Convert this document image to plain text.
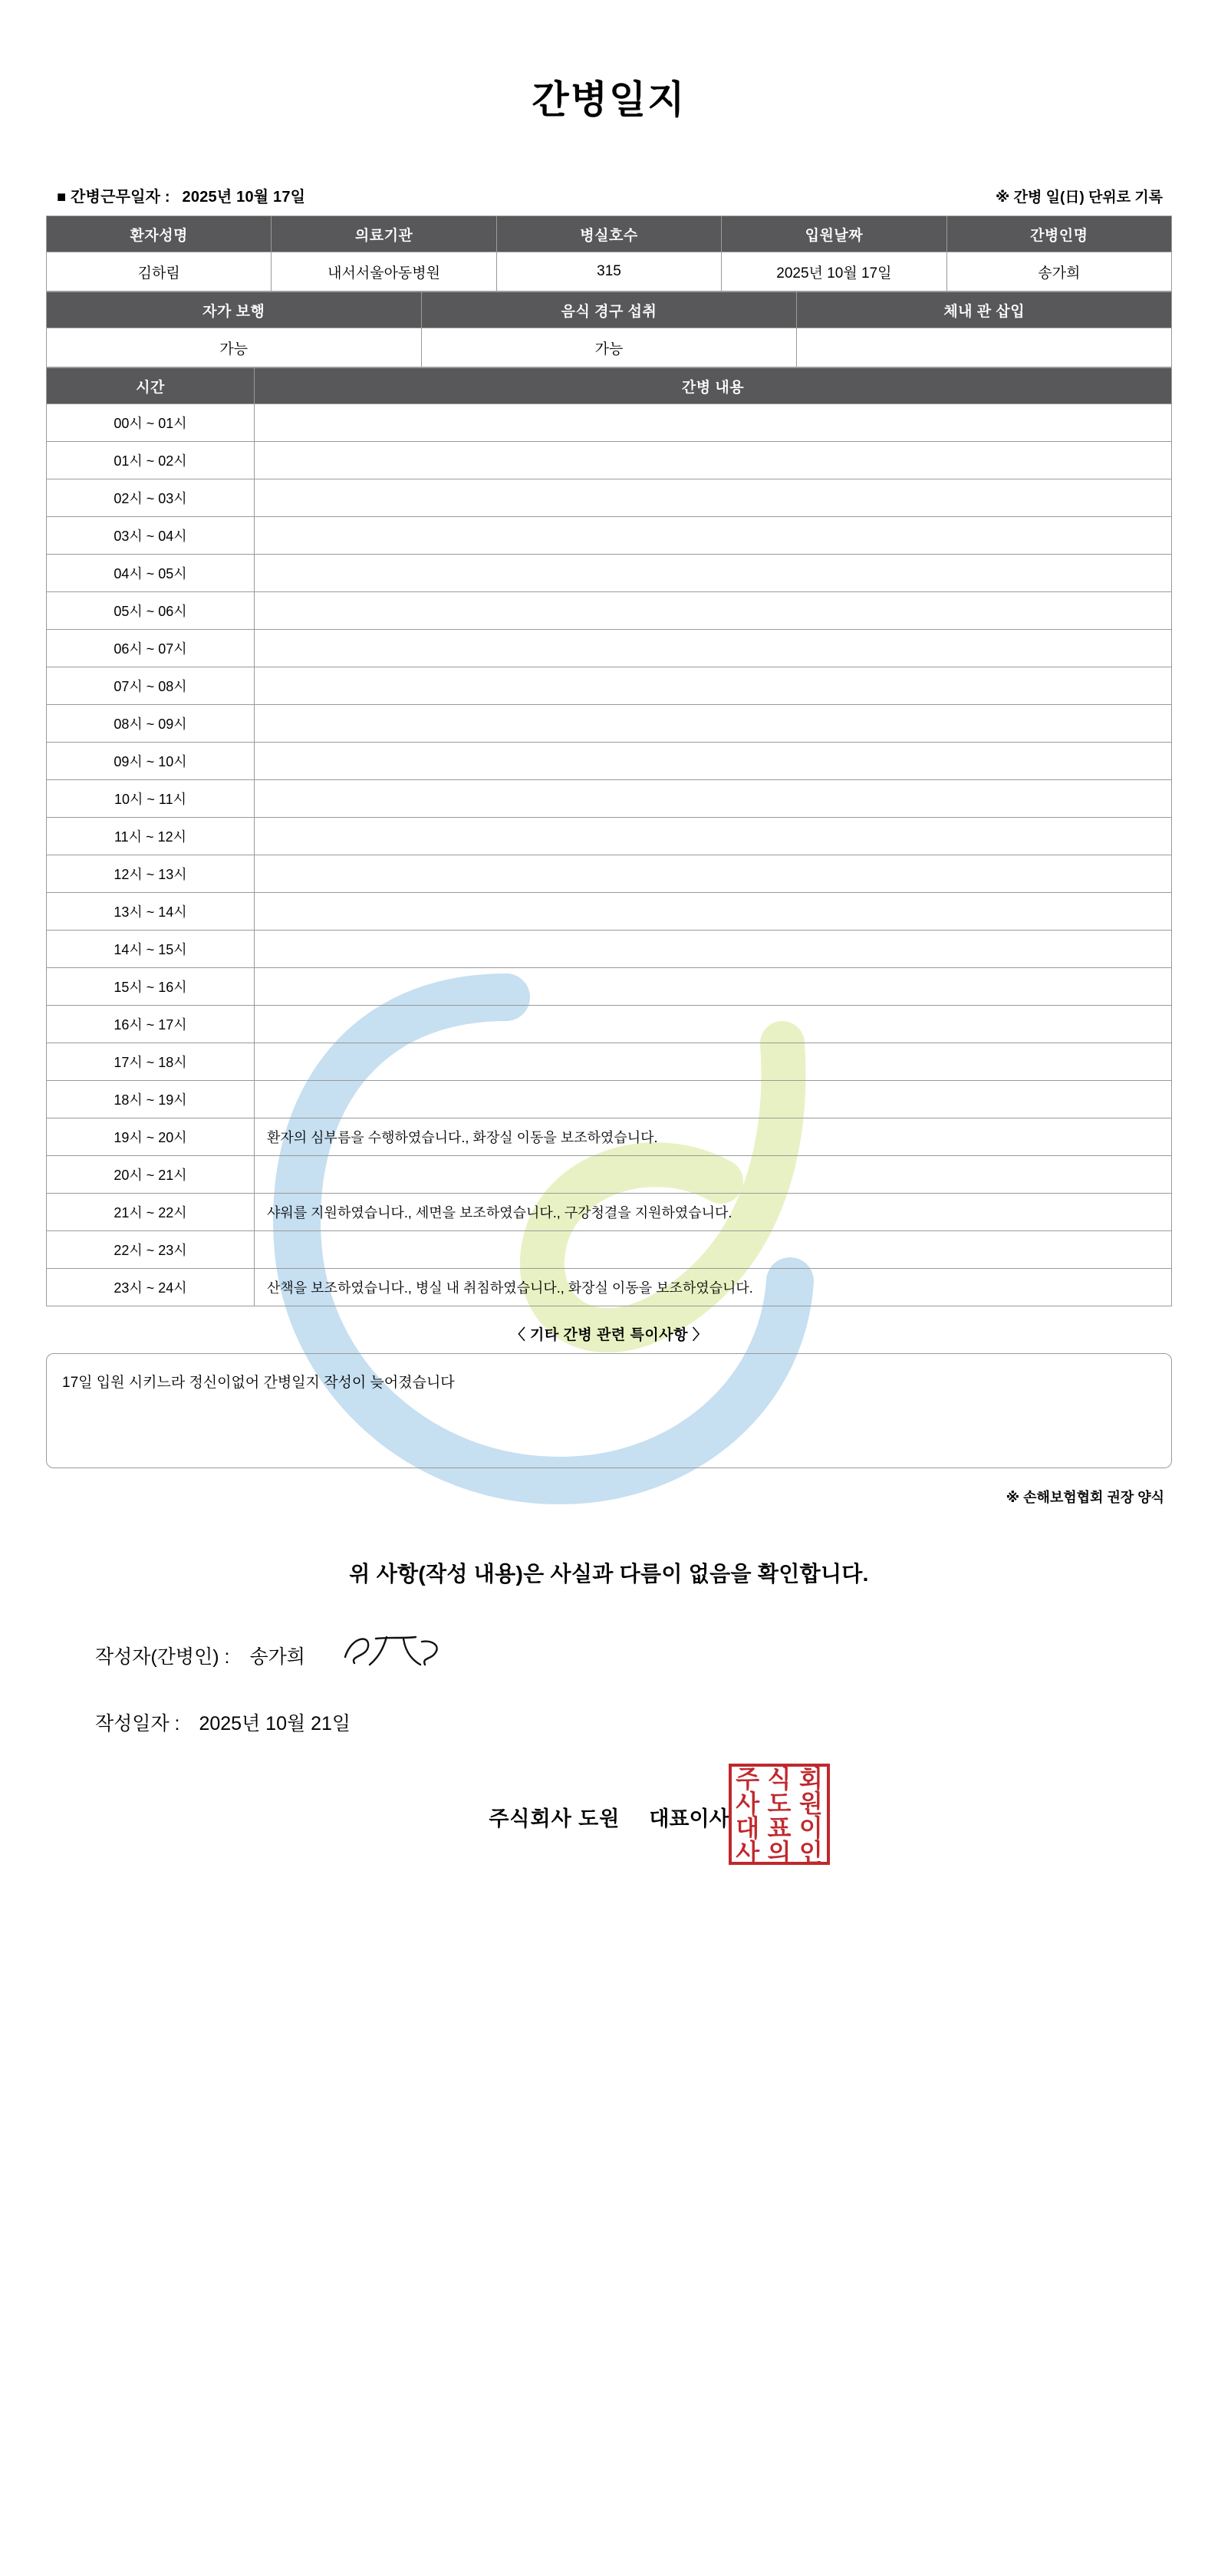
간병일지
■ 간병근무일자 : 2025년 10월 17일	※ 간병 일(日) 단위로 기록
환자성명	의료기관	병실호수	입원날짜	간병인명
김하림	내서서울아동병원	315	2025년 10월 17일	송가희
자가 보행	음식 경구 섭취	체내 관 삽입
가능	가능	
시간	간병 내용
00시 ~ 01시	
01시 ~ 02시	
02시 ~ 03시	
03시 ~ 04시	
04시 ~ 05시	
05시 ~ 06시	
06시 ~ 07시	
07시 ~ 08시	
08시 ~ 09시	
09시 ~ 10시	
10시 ~ 11시	
11시 ~ 12시	
12시 ~ 13시	
13시 ~ 14시	
14시 ~ 15시	
15시 ~ 16시	
16시 ~ 17시	
17시 ~ 18시	
18시 ~ 19시	
19시 ~ 20시	환자의 심부름을 수행하였습니다., 화장실 이동을 보조하였습니다.
20시 ~ 21시	
21시 ~ 22시	샤워를 지원하였습니다., 세면을 보조하였습니다., 구강청결을 지원하였습니다.
22시 ~ 23시	
23시 ~ 24시	산책을 보조하였습니다., 병실 내 취침하였습니다., 화장실 이동을 보조하였습니다.
〈 기타 간병 관련 특이사항 〉
17일 입원 시키느라 정신이없어 간병일지 작성이 늦어졌습니다
※ 손해보험협회 권장 양식
위 사항(작성 내용)은 사실과 다름이 없음을 확인합니다.
작성자(간병인) : 송가희
작성일자 : 2025년 10월 21일
주식회사 도원 대표이사
주 식 회
사 도 원
대 표 이
사 의 인
